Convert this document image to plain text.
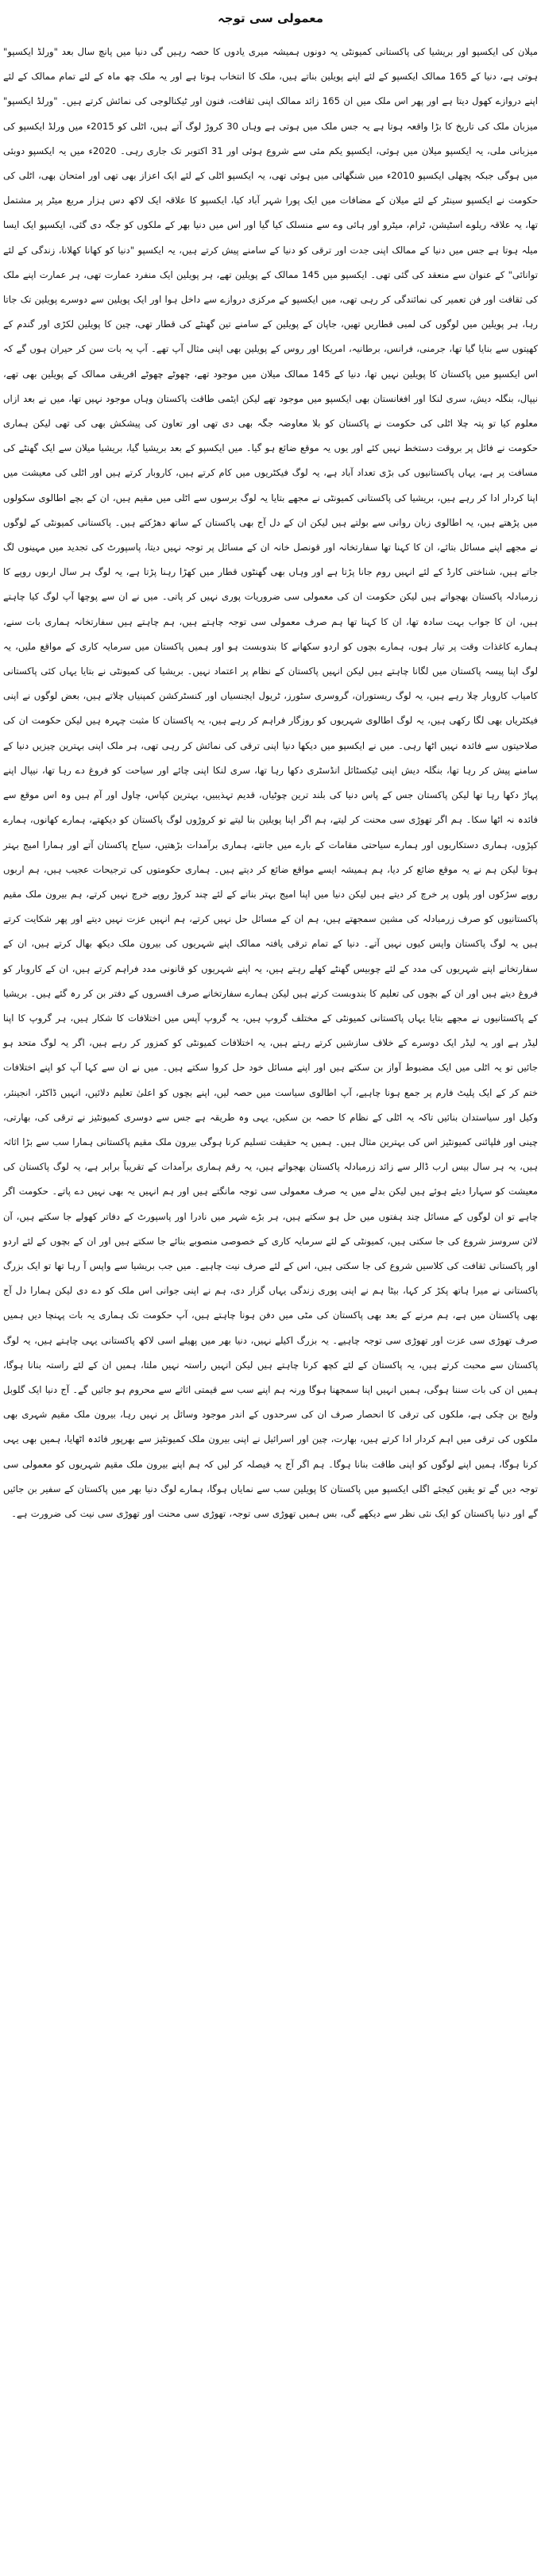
معمولی سی توجہ

میلان کی ایکسپو اور بریشیا کی پاکستانی کمیونٹی یہ دونوں ہمیشہ میری یادوں کا حصہ رہیں گی دنیا میں پانچ سال بعد "ورلڈ ایکسپو" ہوتی ہے، دنیا کے 165 ممالک ایکسپو کے لئے اپنے پویلین بناتے ہیں، ملک کا انتخاب ہوتا ہے اور یہ ملک چھ ماہ کے لئے تمام ممالک کے لئے اپنے دروازے کھول دیتا ہے اور پھر اس ملک میں ان 165 زائد ممالک اپنی ثقافت، فنون اور ٹیکنالوجی کی نمائش کرتے ہیں۔ "ورلڈ ایکسپو" میزبان ملک کی تاریخ کا بڑا واقعہ ہوتا ہے یہ جس ملک میں ہوتی ہے وہاں 30 کروڑ لوگ آتے ہیں، اٹلی کو 2015ء میں ورلڈ ایکسپو کی میزبانی ملی، یہ ایکسپو میلان میں ہوئی، ایکسپو یکم مئی سے شروع ہوئی اور 31 اکتوبر تک جاری رہی۔ 2020ء میں یہ ایکسپو دوبئی میں ہوگی جبکہ پچھلی ایکسپو 2010ء میں شنگھائی میں ہوئی تھی، یہ ایکسپو اٹلی کے لئے ایک اعزاز بھی تھی اور امتحان بھی، اٹلی کی حکومت نے ایکسپو سینٹر کے لئے میلان کے مضافات میں ایک پورا شہر آباد کیا، ایکسپو کا علاقہ ایک لاکھ دس ہزار مربع میٹر پر مشتمل تھا، یہ علاقہ ریلوے اسٹیشن، ٹرام، میٹرو اور ہائی وے سے منسلک کیا گیا اور اس میں دنیا بھر کے ملکوں کو جگہ دی گئی، ایکسپو ایک ایسا میلہ ہوتا ہے جس میں دنیا کے ممالک اپنی جدت اور ترقی کو دنیا کے سامنے پیش کرتے ہیں، یہ ایکسپو "دنیا کو کھانا کھلانا، زندگی کے لئے توانائی" کے عنوان سے منعقد کی گئی تھی۔ ایکسپو میں 145 ممالک کے پویلین تھے، ہر پویلین ایک منفرد عمارت تھی، ہر عمارت اپنے ملک کی ثقافت اور فن تعمیر کی نمائندگی کر رہی تھی، میں ایکسپو کے مرکزی دروازے سے داخل ہوا اور ایک پویلین سے دوسرے پویلین تک جاتا رہا، ہر پویلین میں لوگوں کی لمبی قطاریں تھیں، جاپان کے پویلین کے سامنے تین گھنٹے کی قطار تھی، چین کا پویلین لکڑی اور گندم کے کھیتوں سے بنایا گیا تھا، جرمنی، فرانس، برطانیہ، امریکا اور روس کے پویلین بھی اپنی مثال آپ تھے۔ آپ یہ بات سن کر حیران ہوں گے کہ اس ایکسپو میں پاکستان کا پویلین نہیں تھا، دنیا کے 145 ممالک میلان میں موجود تھے، چھوٹے چھوٹے افریقی ممالک کے پویلین بھی تھے، نیپال، بنگلہ دیش، سری لنکا اور افغانستان بھی ایکسپو میں موجود تھے لیکن ایٹمی طاقت پاکستان وہاں موجود نہیں تھا، میں نے بعد ازاں معلوم کیا تو پتہ چلا اٹلی کی حکومت نے پاکستان کو بلا معاوضہ جگہ بھی دی تھی اور تعاون کی پیشکش بھی کی تھی لیکن ہماری حکومت نے فائل پر بروقت دستخط نہیں کئے اور یوں یہ موقع ضائع ہو گیا۔ میں ایکسپو کے بعد بریشیا گیا، بریشیا میلان سے ایک گھنٹے کی مسافت پر ہے، یہاں پاکستانیوں کی بڑی تعداد آباد ہے، یہ لوگ فیکٹریوں میں کام کرتے ہیں، کاروبار کرتے ہیں اور اٹلی کی معیشت میں اپنا کردار ادا کر رہے ہیں، بریشیا کی پاکستانی کمیونٹی نے مجھے بتایا یہ لوگ برسوں سے اٹلی میں مقیم ہیں، ان کے بچے اطالوی سکولوں میں پڑھتے ہیں، یہ اطالوی زبان روانی سے بولتے ہیں لیکن ان کے دل آج بھی پاکستان کے ساتھ دھڑکتے ہیں۔ پاکستانی کمیونٹی کے لوگوں نے مجھے اپنے مسائل بتائے، ان کا کہنا تھا سفارتخانہ اور قونصل خانہ ان کے مسائل پر توجہ نہیں دیتا، پاسپورٹ کی تجدید میں مہینوں لگ جاتے ہیں، شناختی کارڈ کے لئے انہیں روم جانا پڑتا ہے اور وہاں بھی گھنٹوں قطار میں کھڑا رہنا پڑتا ہے، یہ لوگ ہر سال اربوں روپے کا زرمبادلہ پاکستان بھجواتے ہیں لیکن حکومت ان کی معمولی سی ضروریات پوری نہیں کر پاتی۔ میں نے ان سے پوچھا آپ لوگ کیا چاہتے ہیں، ان کا جواب بہت سادہ تھا، ان کا کہنا تھا ہم صرف معمولی سی توجہ چاہتے ہیں، ہم چاہتے ہیں سفارتخانہ ہماری بات سنے، ہمارے کاغذات وقت پر تیار ہوں، ہمارے بچوں کو اردو سکھانے کا بندوبست ہو اور ہمیں پاکستان میں سرمایہ کاری کے مواقع ملیں، یہ لوگ اپنا پیسہ پاکستان میں لگانا چاہتے ہیں لیکن انہیں پاکستان کے نظام پر اعتماد نہیں۔ بریشیا کی کمیونٹی نے بتایا یہاں کئی پاکستانی کامیاب کاروبار چلا رہے ہیں، یہ لوگ ریستوران، گروسری سٹورز، ٹریول ایجنسیاں اور کنسٹرکشن کمپنیاں چلاتے ہیں، بعض لوگوں نے اپنی فیکٹریاں بھی لگا رکھی ہیں، یہ لوگ اطالوی شہریوں کو روزگار فراہم کر رہے ہیں، یہ پاکستان کا مثبت چہرہ ہیں لیکن حکومت ان کی صلاحیتوں سے فائدہ نہیں اٹھا رہی۔ میں نے ایکسپو میں دیکھا دنیا اپنی ترقی کی نمائش کر رہی تھی، ہر ملک اپنی بہترین چیزیں دنیا کے سامنے پیش کر رہا تھا، بنگلہ دیش اپنی ٹیکسٹائل انڈسٹری دکھا رہا تھا، سری لنکا اپنی چائے اور سیاحت کو فروغ دے رہا تھا، نیپال اپنے پہاڑ دکھا رہا تھا لیکن پاکستان جس کے پاس دنیا کی بلند ترین چوٹیاں، قدیم تہذیبیں، بہترین کپاس، چاول اور آم ہیں وہ اس موقع سے فائدہ نہ اٹھا سکا۔ ہم اگر تھوڑی سی محنت کر لیتے، ہم اگر اپنا پویلین بنا لیتے تو کروڑوں لوگ پاکستان کو دیکھتے، ہمارے کھانوں، ہمارے کپڑوں، ہماری دستکاریوں اور ہمارے سیاحتی مقامات کے بارے میں جانتے، ہماری برآمدات بڑھتیں، سیاح پاکستان آتے اور ہمارا امیج بہتر ہوتا لیکن ہم نے یہ موقع ضائع کر دیا، ہم ہمیشہ ایسے مواقع ضائع کر دیتے ہیں۔ ہماری حکومتوں کی ترجیحات عجیب ہیں، ہم اربوں روپے سڑکوں اور پلوں پر خرچ کر دیتے ہیں لیکن دنیا میں اپنا امیج بہتر بنانے کے لئے چند کروڑ روپے خرچ نہیں کرتے، ہم بیرون ملک مقیم پاکستانیوں کو صرف زرمبادلہ کی مشین سمجھتے ہیں، ہم ان کے مسائل حل نہیں کرتے، ہم انہیں عزت نہیں دیتے اور پھر شکایت کرتے ہیں یہ لوگ پاکستان واپس کیوں نہیں آتے۔ دنیا کے تمام ترقی یافتہ ممالک اپنے شہریوں کی بیرون ملک دیکھ بھال کرتے ہیں، ان کے سفارتخانے اپنے شہریوں کی مدد کے لئے چوبیس گھنٹے کھلے رہتے ہیں، یہ اپنے شہریوں کو قانونی مدد فراہم کرتے ہیں، ان کے کاروبار کو فروغ دیتے ہیں اور ان کے بچوں کی تعلیم کا بندوبست کرتے ہیں لیکن ہمارے سفارتخانے صرف افسروں کے دفتر بن کر رہ گئے ہیں۔ بریشیا کے پاکستانیوں نے مجھے بتایا یہاں پاکستانی کمیونٹی کے مختلف گروپ ہیں، یہ گروپ آپس میں اختلافات کا شکار ہیں، ہر گروپ کا اپنا لیڈر ہے اور یہ لیڈر ایک دوسرے کے خلاف سازشیں کرتے رہتے ہیں، یہ اختلافات کمیونٹی کو کمزور کر رہے ہیں، اگر یہ لوگ متحد ہو جائیں تو یہ اٹلی میں ایک مضبوط آواز بن سکتے ہیں اور اپنے مسائل خود حل کروا سکتے ہیں۔ میں نے ان سے کہا آپ کو اپنے اختلافات ختم کر کے ایک پلیٹ فارم پر جمع ہونا چاہیے، آپ اطالوی سیاست میں حصہ لیں، اپنے بچوں کو اعلیٰ تعلیم دلائیں، انہیں ڈاکٹر، انجینئر، وکیل اور سیاستدان بنائیں تاکہ یہ اٹلی کے نظام کا حصہ بن سکیں، یہی وہ طریقہ ہے جس سے دوسری کمیونٹیز نے ترقی کی، بھارتی، چینی اور فلپائنی کمیونٹیز اس کی بہترین مثال ہیں۔ ہمیں یہ حقیقت تسلیم کرنا ہوگی بیرون ملک مقیم پاکستانی ہمارا سب سے بڑا اثاثہ ہیں، یہ ہر سال بیس ارب ڈالر سے زائد زرمبادلہ پاکستان بھجواتے ہیں، یہ رقم ہماری برآمدات کے تقریباً برابر ہے، یہ لوگ پاکستان کی معیشت کو سہارا دیئے ہوئے ہیں لیکن بدلے میں یہ صرف معمولی سی توجہ مانگتے ہیں اور ہم انہیں یہ بھی نہیں دے پاتے۔ حکومت اگر چاہے تو ان لوگوں کے مسائل چند ہفتوں میں حل ہو سکتے ہیں، ہر بڑے شہر میں نادرا اور پاسپورٹ کے دفاتر کھولے جا سکتے ہیں، آن لائن سروسز شروع کی جا سکتی ہیں، کمیونٹی کے لئے سرمایہ کاری کے خصوصی منصوبے بنائے جا سکتے ہیں اور ان کے بچوں کے لئے اردو اور پاکستانی ثقافت کی کلاسیں شروع کی جا سکتی ہیں، اس کے لئے صرف نیت چاہیے۔ میں جب بریشیا سے واپس آ رہا تھا تو ایک بزرگ پاکستانی نے میرا ہاتھ پکڑ کر کہا، بیٹا ہم نے اپنی پوری زندگی یہاں گزار دی، ہم نے اپنی جوانی اس ملک کو دے دی لیکن ہمارا دل آج بھی پاکستان میں ہے، ہم مرنے کے بعد بھی پاکستان کی مٹی میں دفن ہونا چاہتے ہیں، آپ حکومت تک ہماری یہ بات پہنچا دیں ہمیں صرف تھوڑی سی عزت اور تھوڑی سی توجہ چاہیے۔ یہ بزرگ اکیلے نہیں، دنیا بھر میں پھیلے اسی لاکھ پاکستانی یہی چاہتے ہیں، یہ لوگ پاکستان سے محبت کرتے ہیں، یہ پاکستان کے لئے کچھ کرنا چاہتے ہیں لیکن انہیں راستہ نہیں ملتا، ہمیں ان کے لئے راستہ بنانا ہوگا، ہمیں ان کی بات سننا ہوگی، ہمیں انہیں اپنا سمجھنا ہوگا ورنہ ہم اپنے سب سے قیمتی اثاثے سے محروم ہو جائیں گے۔ آج دنیا ایک گلوبل ولیج بن چکی ہے، ملکوں کی ترقی کا انحصار صرف ان کی سرحدوں کے اندر موجود وسائل پر نہیں رہا، بیرون ملک مقیم شہری بھی ملکوں کی ترقی میں اہم کردار ادا کرتے ہیں، بھارت، چین اور اسرائیل نے اپنی بیرون ملک کمیونٹیز سے بھرپور فائدہ اٹھایا، ہمیں بھی یہی کرنا ہوگا، ہمیں اپنے لوگوں کو اپنی طاقت بنانا ہوگا۔ ہم اگر آج یہ فیصلہ کر لیں کہ ہم اپنے بیرون ملک مقیم شہریوں کو معمولی سی توجہ دیں گے تو یقین کیجئے اگلی ایکسپو میں پاکستان کا پویلین سب سے نمایاں ہوگا، ہمارے لوگ دنیا بھر میں پاکستان کے سفیر بن جائیں گے اور دنیا پاکستان کو ایک نئی نظر سے دیکھے گی، بس ہمیں تھوڑی سی توجہ، تھوڑی سی محنت اور تھوڑی سی نیت کی ضرورت ہے۔
